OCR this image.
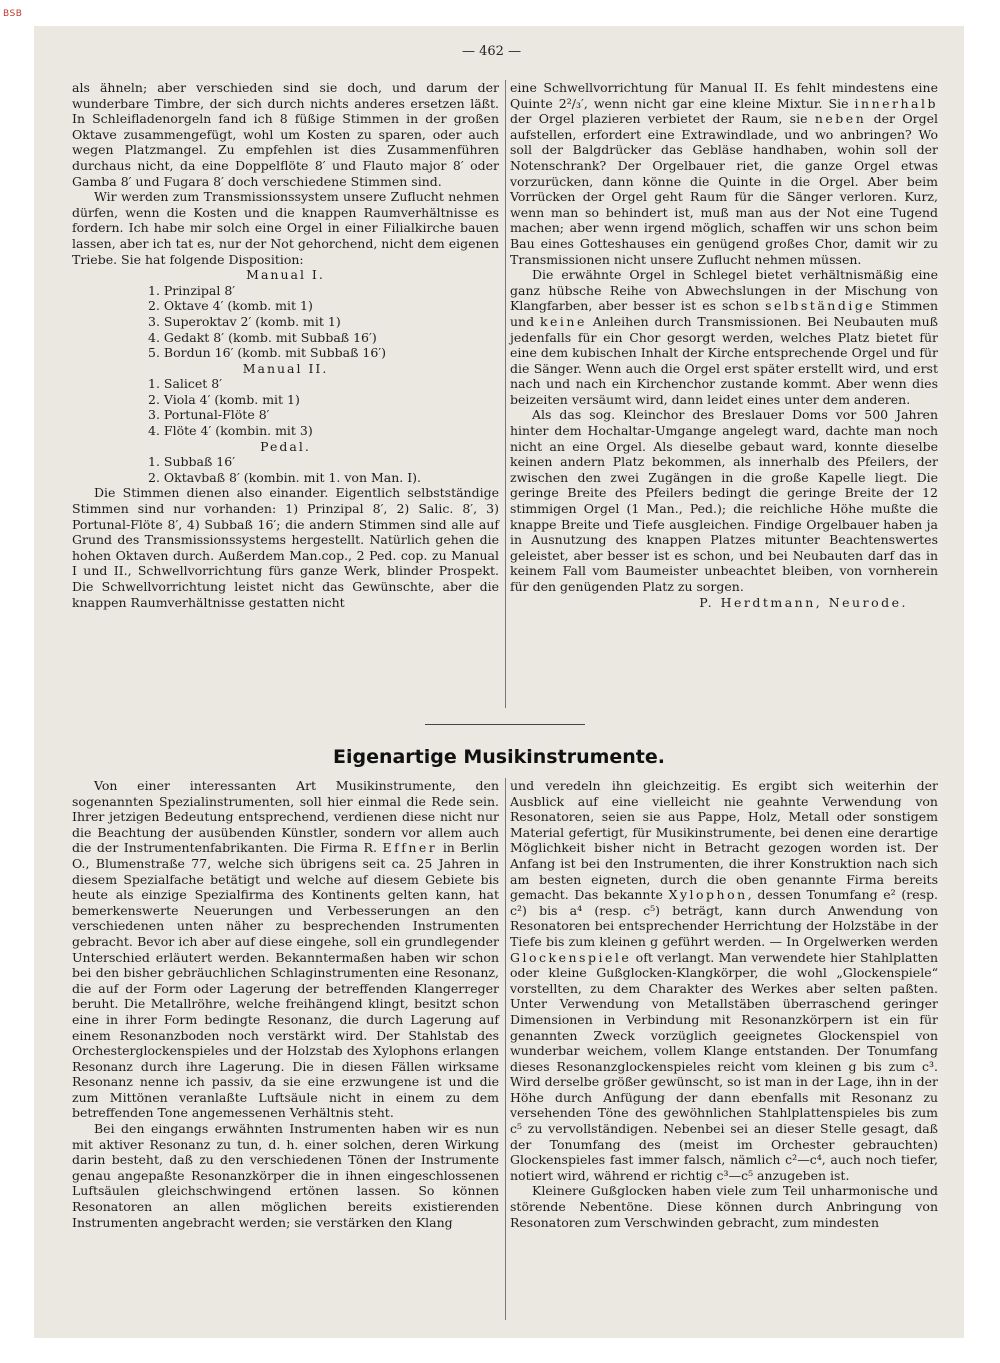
BSB
— 462 —

als ähneln; aber verschieden sind sie doch, und darum der wunderbare Timbre, der sich durch nichts anderes ersetzen läßt. In Schleifladenorgeln fand ich 8 füßige Stimmen in der großen Oktave zusammengefügt, wohl um Kosten zu sparen, oder auch wegen Platzmangel. Zu empfehlen ist dies Zusammenführen durchaus nicht, da eine Doppelflöte 8′ und Flauto major 8′ oder Gamba 8′ und Fugara 8′ doch verschiedene Stimmen sind.

Wir werden zum Transmissionssystem unsere Zuflucht nehmen dürfen, wenn die Kosten und die knappen Raumverhältnisse es fordern. Ich habe mir solch eine Orgel in einer Filialkirche bauen lassen, aber ich tat es, nur der Not gehorchend, nicht dem eigenen Triebe. Sie hat folgende Disposition:

Manual I.

1. Prinzipal 8′
2. Oktave 4′ (komb. mit 1)
3. Superoktav 2′ (komb. mit 1)
4. Gedakt 8′ (komb. mit Subbaß 16′)
5. Bordun 16′ (komb. mit Subbaß 16′)

Manual II.

1. Salicet 8′
2. Viola 4′ (komb. mit 1)
3. Portunal-Flöte 8′
4. Flöte 4′ (kombin. mit 3)

Pedal.

1. Subbaß 16′
2. Oktavbaß 8′ (kombin. mit 1. von Man. I).

Die Stimmen dienen also einander. Eigentlich selbstständige Stimmen sind nur vorhanden: 1) Prinzipal 8′, 2) Salic. 8′, 3) Portunal-Flöte 8′, 4) Subbaß 16′; die andern Stimmen sind alle auf Grund des Transmissionssystems hergestellt. Natürlich gehen die hohen Oktaven durch. Außerdem Man.cop., 2 Ped. cop. zu Manual I und II., Schwellvorrichtung fürs ganze Werk, blinder Prospekt. Die Schwellvorrichtung leistet nicht das Gewünschte, aber die knappen Raumverhältnisse gestatten nicht

eine Schwellvorrichtung für Manual II. Es fehlt mindestens eine Quinte 2²/₃′, wenn nicht gar eine kleine Mixtur. Sie innerhalb der Orgel plazieren verbietet der Raum, sie neben der Orgel aufstellen, erfordert eine Extrawindlade, und wo anbringen? Wo soll der Balgdrücker das Gebläse handhaben, wohin soll der Notenschrank? Der Orgelbauer riet, die ganze Orgel etwas vorzurücken, dann könne die Quinte in die Orgel. Aber beim Vorrücken der Orgel geht Raum für die Sänger verloren. Kurz, wenn man so behindert ist, muß man aus der Not eine Tugend machen; aber wenn irgend möglich, schaffen wir uns schon beim Bau eines Gotteshauses ein genügend großes Chor, damit wir zu Transmissionen nicht unsere Zuflucht nehmen müssen.

Die erwähnte Orgel in Schlegel bietet verhältnismäßig eine ganz hübsche Reihe von Abwechslungen in der Mischung von Klangfarben, aber besser ist es schon selbständige Stimmen und keine Anleihen durch Transmissionen. Bei Neubauten muß jedenfalls für ein Chor gesorgt werden, welches Platz bietet für eine dem kubischen Inhalt der Kirche entsprechende Orgel und für die Sänger. Wenn auch die Orgel erst später erstellt wird, und erst nach und nach ein Kirchenchor zustande kommt. Aber wenn dies beizeiten versäumt wird, dann leidet eines unter dem anderen.

Als das sog. Kleinchor des Breslauer Doms vor 500 Jahren hinter dem Hochaltar-Umgange angelegt ward, dachte man noch nicht an eine Orgel. Als dieselbe gebaut ward, konnte dieselbe keinen andern Platz bekommen, als innerhalb des Pfeilers, der zwischen den zwei Zugängen in die große Kapelle liegt. Die geringe Breite des Pfeilers bedingt die geringe Breite der 12 stimmigen Orgel (1 Man., Ped.); die reichliche Höhe mußte die knappe Breite und Tiefe ausgleichen. Findige Orgelbauer haben ja in Ausnutzung des knappen Platzes mitunter Beachtenswertes geleistet, aber besser ist es schon, und bei Neubauten darf das in keinem Fall vom Baumeister unbeachtet bleiben, von vornherein für den genügenden Platz zu sorgen.

P. Herdtmann, Neurode.

Eigenartige Musikinstrumente.

Von einer interessanten Art Musikinstrumente, den sogenannten Spezialinstrumenten, soll hier einmal die Rede sein. Ihrer jetzigen Bedeutung entsprechend, verdienen diese nicht nur die Beachtung der ausübenden Künstler, sondern vor allem auch die der Instrumentenfabrikanten. Die Firma R. Effner in Berlin O., Blumenstraße 77, welche sich übrigens seit ca. 25 Jahren in diesem Spezialfache betätigt und welche auf diesem Gebiete bis heute als einzige Spezialfirma des Kontinents gelten kann, hat bemerkenswerte Neuerungen und Verbesserungen an den verschiedenen unten näher zu besprechenden Instrumenten gebracht. Bevor ich aber auf diese eingehe, soll ein grundlegender Unterschied erläutert werden. Bekanntermaßen haben wir schon bei den bisher gebräuchlichen Schlaginstrumenten eine Resonanz, die auf der Form oder Lagerung der betreffenden Klangerreger beruht. Die Metallröhre, welche freihängend klingt, besitzt schon eine in ihrer Form bedingte Resonanz, die durch Lagerung auf einem Resonanzboden noch verstärkt wird. Der Stahlstab des Orchesterglockenspieles und der Holzstab des Xylophons erlangen Resonanz durch ihre Lagerung. Die in diesen Fällen wirksame Resonanz nenne ich passiv, da sie eine erzwungene ist und die zum Mittönen veranlaßte Luftsäule nicht in einem zu dem betreffenden Tone angemessenen Verhältnis steht.

Bei den eingangs erwähnten Instrumenten haben wir es nun mit aktiver Resonanz zu tun, d. h. einer solchen, deren Wirkung darin besteht, daß zu den verschiedenen Tönen der Instrumente genau angepaßte Resonanzkörper die in ihnen eingeschlossenen Luftsäulen gleichschwingend ertönen lassen. So können Resonatoren an allen möglichen bereits existierenden Instrumenten angebracht werden; sie verstärken den Klang

und veredeln ihn gleichzeitig. Es ergibt sich weiterhin der Ausblick auf eine vielleicht nie geahnte Verwendung von Resonatoren, seien sie aus Pappe, Holz, Metall oder sonstigem Material gefertigt, für Musikinstrumente, bei denen eine derartige Möglichkeit bisher nicht in Betracht gezogen worden ist. Der Anfang ist bei den Instrumenten, die ihrer Konstruktion nach sich am besten eigneten, durch die oben genannte Firma bereits gemacht. Das bekannte Xylophon, dessen Tonumfang e² (resp. c²) bis a⁴ (resp. c⁵) beträgt, kann durch Anwendung von Resonatoren bei entsprechender Herrichtung der Holzstäbe in der Tiefe bis zum kleinen g geführt werden. — In Orgelwerken werden Glockenspiele oft verlangt. Man verwendete hier Stahlplatten oder kleine Gußglocken-Klangkörper, die wohl „Glockenspiele“ vorstellten, zu dem Charakter des Werkes aber selten paßten. Unter Verwendung von Metallstäben überraschend geringer Dimensionen in Verbindung mit Resonanzkörpern ist ein für genannten Zweck vorzüglich geeignetes Glockenspiel von wunderbar weichem, vollem Klange entstanden. Der Tonumfang dieses Resonanzglockenspieles reicht vom kleinen g bis zum c³. Wird derselbe größer gewünscht, so ist man in der Lage, ihn in der Höhe durch Anfügung der dann ebenfalls mit Resonanz zu versehenden Töne des gewöhnlichen Stahlplattenspieles bis zum c⁵ zu vervollständigen. Nebenbei sei an dieser Stelle gesagt, daß der Tonumfang des (meist im Orchester gebrauchten) Glockenspieles fast immer falsch, nämlich c²—c⁴, auch noch tiefer, notiert wird, während er richtig c³—c⁵ anzugeben ist.

Kleinere Gußglocken haben viele zum Teil unharmonische und störende Nebentöne. Diese können durch Anbringung von Resonatoren zum Verschwinden gebracht, zum mindesten
